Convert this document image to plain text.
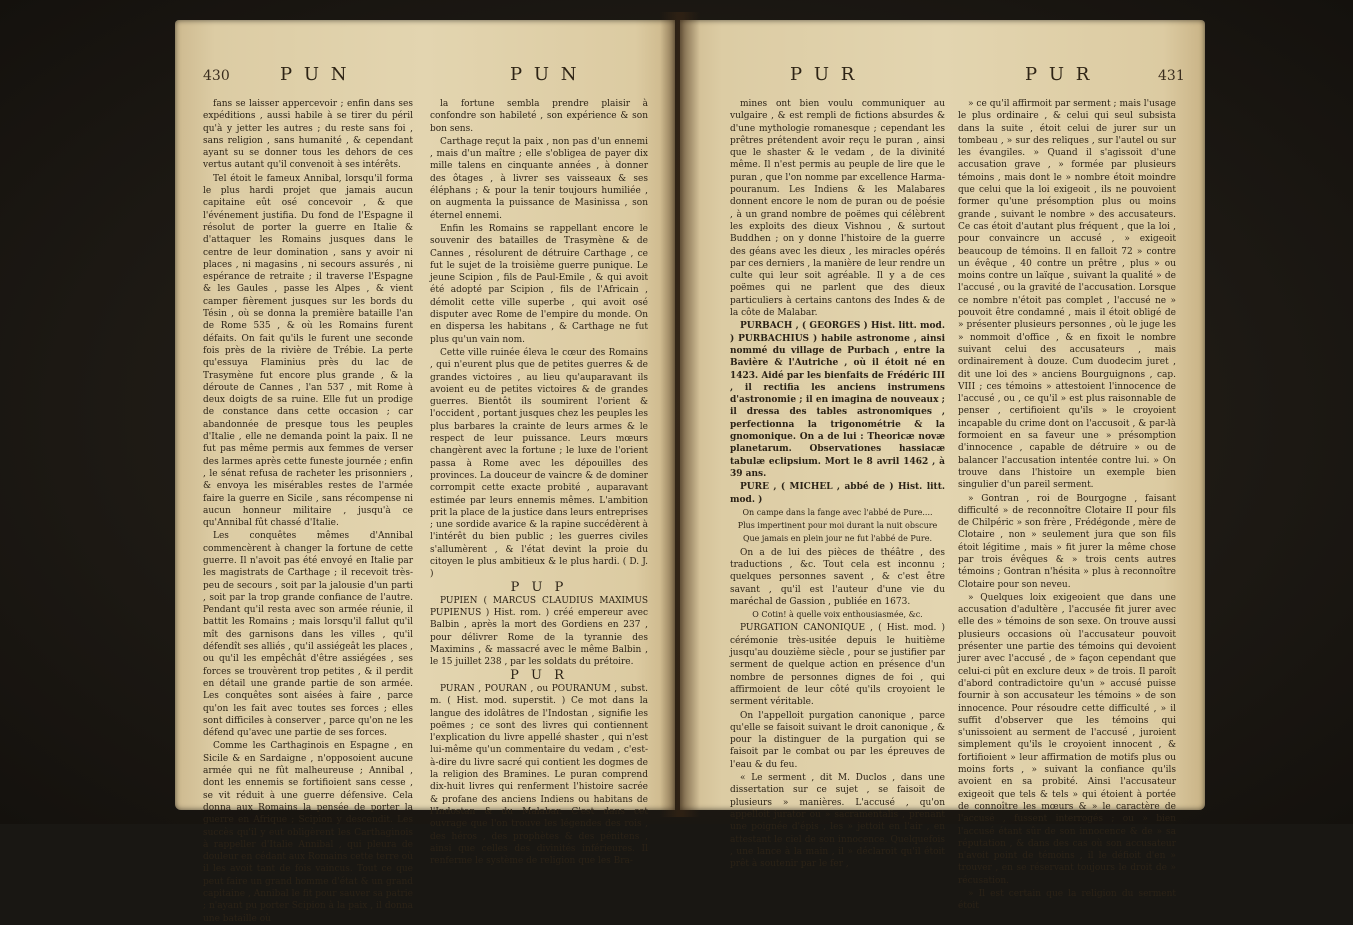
430	P U N	P U N

fans se laisser appercevoir ; enfin dans ses expéditions , aussi habile à se tirer du péril qu'à y jetter les autres ; du reste sans foi , sans religion , sans humanité , & cependant ayant su se donner tous les dehors de ces vertus autant qu'il convenoit à ses intérêts.

Tel étoit le fameux Annibal, lorsqu'il forma le plus hardi projet que jamais aucun capitaine eût osé concevoir , & que l'événement justifia. Du fond de l'Espagne il résolut de porter la guerre en Italie & d'attaquer les Romains jusques dans le centre de leur domination , sans y avoir ni places , ni magasins , ni secours assurés , ni espérance de retraite ; il traverse l'Espagne & les Gaules , passe les Alpes , & vient camper fièrement jusques sur les bords du Tésin , où se donna la première bataille l'an de Rome 535 , & où les Romains furent défaits. On fait qu'ils le furent une seconde fois près de la rivière de Trébie. La perte qu'essuya Flaminius près du lac de Trasymène fut encore plus grande , & la déroute de Cannes , l'an 537 , mit Rome à deux doigts de sa ruine. Elle fut un prodige de constance dans cette occasion ; car abandonnée de presque tous les peuples d'Italie , elle ne demanda point la paix. Il ne fut pas même permis aux femmes de verser des larmes après cette funeste journée ; enfin , le sénat refusa de racheter les prisonniers , & envoya les misérables restes de l'armée faire la guerre en Sicile , sans récompense ni aucun honneur militaire , jusqu'à ce qu'Annibal fût chassé d'Italie.

Les conquêtes mêmes d'Annibal commencèrent à changer la fortune de cette guerre. Il n'avoit pas été envoyé en Italie par les magistrats de Carthage ; il recevoit très-peu de secours , soit par la jalousie d'un parti , soit par la trop grande confiance de l'autre. Pendant qu'il resta avec son armée réunie, il battit les Romains ; mais lorsqu'il fallut qu'il mît des garnisons dans les villes , qu'il défendît ses alliés , qu'il assiégeât les places , ou qu'il les empêchât d'être assiégées , ses forces se trouvèrent trop petites , & il perdit en détail une grande partie de son armée. Les conquêtes sont aisées à faire , parce qu'on les fait avec toutes ses forces ; elles sont difficiles à conserver , parce qu'on ne les défend qu'avec une partie de ses forces.

Comme les Carthaginois en Espagne , en Sicile & en Sardaigne , n'opposoient aucune armée qui ne fût malheureuse ; Annibal , dont les ennemis se fortifioient sans cesse , se vit réduit à une guerre défensive. Cela donna aux Romains la pensée de porter la guerre en Afrique ; Scipion y descendit. Les succès qu'il y eut obligèrent les Carthaginois à rappeller d'Italie Annibal , qui pleura de douleur en cédant aux Romains cette terre où il les avoit tant de fois vaincus. Tout ce que peut faire un grand homme d'état & un grand capitaine , Annibal le fit pour sauver sa patrie ; n'ayant pu porter Scipion à la paix , il donna une bataille où

la fortune sembla prendre plaisir à confondre son habileté , son expérience & son bon sens.

Carthage reçut la paix , non pas d'un ennemi , mais d'un maître ; elle s'obligea de payer dix mille talens en cinquante années , à donner des ôtages , à livrer ses vaisseaux & ses éléphans ; & pour la tenir toujours humiliée , on augmenta la puissance de Masinissa , son éternel ennemi.

Enfin les Romains se rappellant encore le souvenir des batailles de Trasymène & de Cannes , résolurent de détruire Carthage , ce fut le sujet de la troisième guerre punique. Le jeune Scipion , fils de Paul-Emile , & qui avoit été adopté par Scipion , fils de l'Africain , démolit cette ville superbe , qui avoit osé disputer avec Rome de l'empire du monde. On en dispersa les habitans , & Carthage ne fut plus qu'un vain nom.

Cette ville ruinée éleva le cœur des Romains , qui n'eurent plus que de petites guerres & de grandes victoires , au lieu qu'auparavant ils avoient eu de petites victoires & de grandes guerres. Bientôt ils soumirent l'orient & l'occident , portant jusques chez les peuples les plus barbares la crainte de leurs armes & le respect de leur puissance. Leurs mœurs changèrent avec la fortune ; le luxe de l'orient passa à Rome avec les dépouilles des provinces. La douceur de vaincre & de dominer corrompit cette exacte probité , auparavant estimée par leurs ennemis mêmes. L'ambition prit la place de la justice dans leurs entreprises ; une sordide avarice & la rapine succédèrent à l'intérêt du bien public ; les guerres civiles s'allumèrent , & l'état devint la proie du citoyen le plus ambitieux & le plus hardi. ( D. J. )

P U P

PUPIEN ( MARCUS CLAUDIUS MAXIMUS PUPIENUS ) Hist. rom. ) créé empereur avec Balbin , après la mort des Gordiens en 237 , pour délivrer Rome de la tyrannie des Maximins , & massacré avec le même Balbin , le 15 juillet 238 , par les soldats du prétoire.

P U R

PURAN , POURAN , ou POURANUM , subst. m. ( Hist. mod. superstit. ) Ce mot dans la langue des idolâtres de l'Indostan , signifie les poëmes ; ce sont des livres qui contiennent l'explication du livre appellé shaster , qui n'est lui-même qu'un commentaire du vedam , c'est-à-dire du livre sacré qui contient les dogmes de la religion des Bramines. Le puran comprend dix-huit livres qui renferment l'histoire sacrée & profane des anciens Indiens ou habitans de l'Indostan & du Malabar. C'est dans cet ouvrage que l'on trouve les légendes des rois , des héros , des prophètes & des pénitens , ainsi que celles des divinités inférieures. Il renferme le système de religion que les Bra-

P U R	P U R	431

mines ont bien voulu communiquer au vulgaire , & est rempli de fictions absurdes & d'une mythologie romanesque ; cependant les prêtres prétendent avoir reçu le puran , ainsi que le shaster & le vedam , de la divinité même. Il n'est permis au peuple de lire que le puran , que l'on nomme par excellence Harma-pouranum. Les Indiens & les Malabares donnent encore le nom de puran ou de poésie , à un grand nombre de poëmes qui célèbrent les exploits des dieux Vishnou , & surtout Buddhen ; on y donne l'histoire de la guerre des géans avec les dieux , les miracles opérés par ces derniers , la manière de leur rendre un culte qui leur soit agréable. Il y a de ces poëmes qui ne parlent que des dieux particuliers à certains cantons des Indes & de la côte de Malabar.

PURBACH , ( GEORGES ) Hist. litt. mod. ) PURBACHIUS ) habile astronome , ainsi nommé du village de Purbach , entre la Bavière & l'Autriche , où il étoit né en 1423. Aidé par les bienfaits de Frédéric III , il rectifia les anciens instrumens d'astronomie ; il en imagina de nouveaux ; il dressa des tables astronomiques , perfectionna la trigonométrie & la gnomonique. On a de lui : Theoricæ novæ planetarum. Observationes hassiacæ tabulæ eclipsium. Mort le 8 avril 1462 , à 39 ans.

PURE , ( MICHEL , abbé de ) Hist. litt. mod. )

On campe dans la fange avec l'abbé de Pure....

Plus impertinent pour moi durant la nuit obscure

Que jamais en plein jour ne fut l'abbé de Pure.

On a de lui des pièces de théâtre , des traductions , &c. Tout cela est inconnu ; quelques personnes savent , & c'est être savant , qu'il est l'auteur d'une vie du maréchal de Gassion , publiée en 1673.

O Cotin! à quelle voix enthousiasmée, &c.

PURGATION CANONIQUE , ( Hist. mod. ) cérémonie très-usitée depuis le huitième jusqu'au douzième siècle , pour se justifier par serment de quelque action en présence d'un nombre de personnes dignes de foi , qui affirmoient de leur côté qu'ils croyoient le serment véritable.

On l'appelloit purgation canonique , parce qu'elle se faisoit suivant le droit canonique , & pour la distinguer de la purgation qui se faisoit par le combat ou par les épreuves de l'eau & du feu.

« Le serment , dit M. Duclos , dans une dissertation sur ce sujet , se faisoit de plusieurs » manières. L'accusé , qu'on appelloit jurator ou » sacramentalis , prenant une poignée d'épis , les » jettoit en l'air , en attestant le ciel de son innocence. Quelquefois , une lance à la main , il » déclaroit qu'il étoit prêt à soutenir par le fer ,

» ce qu'il affirmoit par serment ; mais l'usage le plus ordinaire , & celui qui seul subsista dans la suite , étoit celui de jurer sur un tombeau , » sur des reliques , sur l'autel ou sur les évangiles. » Quand il s'agissoit d'une accusation grave , » formée par plusieurs témoins , mais dont le » nombre étoit moindre que celui que la loi exigeoit , ils ne pouvoient former qu'une présomption plus ou moins grande , suivant le nombre » des accusateurs. Ce cas étoit d'autant plus fréquent , que la loi , pour convaincre un accusé , » exigeoit beaucoup de témoins. Il en falloit 72 » contre un évêque , 40 contre un prêtre , plus » ou moins contre un laïque , suivant la qualité » de l'accusé , ou la gravité de l'accusation. Lorsque ce nombre n'étoit pas complet , l'accusé ne » pouvoit être condamné , mais il étoit obligé de » présenter plusieurs personnes , où le juge les » nommoit d'office , & en fixoit le nombre suivant celui des accusateurs , mais ordinairement à douze. Cum duodecim juret , dit une loi des » anciens Bourguignons , cap. VIII ; ces témoins » attestoient l'innocence de l'accusé , ou , ce qu'il » est plus raisonnable de penser , certifioient qu'ils » le croyoient incapable du crime dont on l'accusoit , & par-là formoient en sa faveur une » présomption d'innocence , capable de détruire » ou de balancer l'accusation intentée contre lui. » On trouve dans l'histoire un exemple bien singulier d'un pareil serment.

» Gontran , roi de Bourgogne , faisant difficulté » de reconnoître Clotaire II pour fils de Chilpéric » son frère , Frédégonde , mère de Clotaire , non » seulement jura que son fils étoit légitime , mais » fit jurer la même chose par trois évêques & » trois cents autres témoins ; Gontran n'hésita » plus à reconnoître Clotaire pour son neveu.

» Quelques loix exigeoient que dans une accusation d'adultère , l'accusée fit jurer avec elle des » témoins de son sexe. On trouve aussi plusieurs occasions où l'accusateur pouvoit présenter une partie des témoins qui devoient jurer avec l'accusé , de » façon cependant que celui-ci pût en exclure deux » de trois. Il paroît d'abord contradictoire qu'un » accusé puisse fournir à son accusateur les témoins » de son innocence. Pour résoudre cette difficulté , » il suffit d'observer que les témoins qui s'unissoient au serment de l'accusé , juroient simplement qu'ils le croyoient innocent , & fortifioient » leur affirmation de motifs plus ou moins forts , » suivant la confiance qu'ils avoient en sa probité. Ainsi l'accusateur exigeoit que tels & tels » qui étoient à portée de connoître les mœurs & » le caractère de l'accusé , fussent interrogés ; ou » bien l'accusé étant sûr de son innocence & de » sa réputation , & dans des cas où son accusateur n'avoit point de témoins , il le défioit d'en » trouver , en se réservant toujours le droit de » récusation.

» Il est certain que la religion du serment étoit
